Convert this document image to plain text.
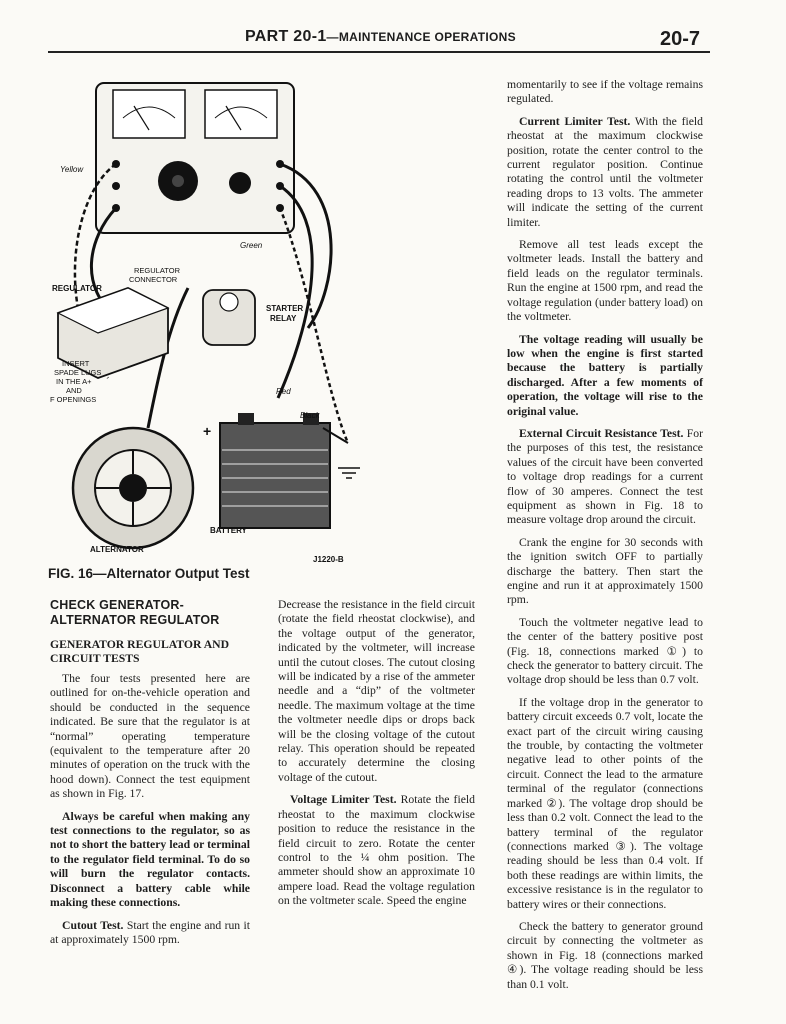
PART 20-1—MAINTENANCE OPERATIONS	20-7
Yellow
Green
Red
Black
REGULATOR
CONNECTOR
REGULATOR
STARTER
RELAY
INSERT
SPADE LUGS
IN THE A+
AND
F OPENINGS
BATTERY
ALTERNATOR
J1220-B
+
FIG. 16—Alternator Output Test
CHECK GENERATOR-ALTERNATOR REGULATOR
GENERATOR REGULATOR AND CIRCUIT TESTS

The four tests presented here are outlined for on-the-vehicle operation and should be conducted in the sequence indicated. Be sure that the regulator is at “normal” operating temperature (equivalent to the temperature after 20 minutes of operation on the truck with the hood down). Connect the test equipment as shown in Fig. 17.

Always be careful when making any test connections to the regulator, so as not to short the battery lead or terminal to the regulator field terminal. To do so will burn the regulator contacts. Disconnect a battery cable while making these connections.

Cutout Test. Start the engine and run it at approximately 1500 rpm.

Decrease the resistance in the field circuit (rotate the field rheostat clockwise), and the voltage output of the generator, indicated by the voltmeter, will increase until the cutout closes. The cutout closing will be indicated by a rise of the ammeter needle and a “dip” of the voltmeter needle. The maximum voltage at the time the voltmeter needle dips or drops back will be the closing voltage of the cutout relay. This operation should be repeated to accurately determine the closing voltage of the cutout.

Voltage Limiter Test. Rotate the field rheostat to the maximum clockwise position to reduce the resistance in the field circuit to zero. Rotate the center control to the ¼ ohm position. The ammeter should show an approximate 10 ampere load. Read the voltage regulation on the voltmeter scale. Speed the engine

momentarily to see if the voltage remains regulated.

Current Limiter Test. With the field rheostat at the maximum clockwise position, rotate the center control to the current regulator position. Continue rotating the control until the voltmeter reading drops to 13 volts. The ammeter will indicate the setting of the current limiter.

Remove all test leads except the voltmeter leads. Install the battery and field leads on the regulator terminals. Run the engine at 1500 rpm, and read the voltage regulation (under battery load) on the voltmeter.

The voltage reading will usually be low when the engine is first started because the battery is partially discharged. After a few moments of operation, the voltage will rise to the original value.

External Circuit Resistance Test. For the purposes of this test, the resistance values of the circuit have been converted to voltage drop readings for a current flow of 30 amperes. Connect the test equipment as shown in Fig. 18 to measure voltage drop around the circuit.

Crank the engine for 30 seconds with the ignition switch OFF to partially discharge the battery. Then start the engine and run it at approximately 1500 rpm.

Touch the voltmeter negative lead to the center of the battery positive post (Fig. 18, connections marked ①) to check the generator to battery circuit. The voltage drop should be less than 0.7 volt.

If the voltage drop in the generator to battery circuit exceeds 0.7 volt, locate the exact part of the circuit wiring causing the trouble, by contacting the voltmeter negative lead to other points of the circuit. Connect the lead to the armature terminal of the regulator (connections marked ②). The voltage drop should be less than 0.2 volt. Connect the lead to the battery terminal of the regulator (connections marked ③). The voltage reading should be less than 0.4 volt. If both these readings are within limits, the excessive resistance is in the regulator to battery wires or their connections.

Check the battery to generator ground circuit by connecting the voltmeter as shown in Fig. 18 (connections marked ④). The voltage reading should be less than 0.1 volt.
